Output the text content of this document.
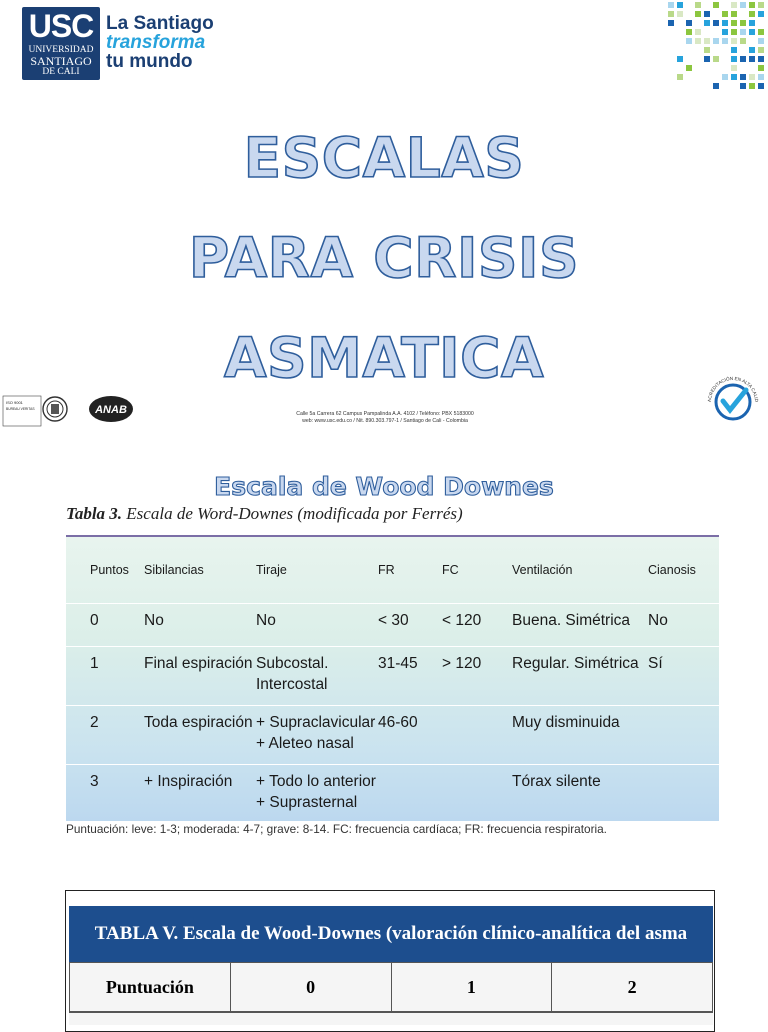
USC
UNIVERSIDAD
SANTIAGO
DE CALI
La Santiago
transforma
tu mundo
ESCALAS
PARA CRISIS
ASMATICA
ISO 9001
BUREAU VERITAS	ANAB	Calle 5a Carrera 62 Campus Pampalinda A.A. 4102 / Teléfono: PBX 5183000
web: www.usc.edu.co / Nit. 890.303.797-1 / Santiago de Cali - Colombia
ACREDITACIÓN EN ALTA CALID
Escala de Wood Downes
Tabla 3. Escala de Word-Downes (modificada por Ferrés)
Puntos	Sibilancias	Tiraje	FR	FC	Ventilación	Cianosis
0	No	No	< 30	< 120	Buena. Simétrica	No
1	Final espiración	Subcostal. Intercostal	31-45	> 120	Regular. Simétrica	Sí
2	Toda espiración	+ Supraclavicular + Aleteo nasal	46-60		Muy disminuida	
3	+ Inspiración	+ Todo lo anterior + Suprasternal			Tórax silente	
Puntuación: leve: 1-3; moderada: 4-7; grave: 8-14. FC: frecuencia cardíaca; FR: frecuencia respiratoria.
TABLA V. Escala de Wood-Downes (valoración clínico-analítica del asma
Puntuación	0	1	2
